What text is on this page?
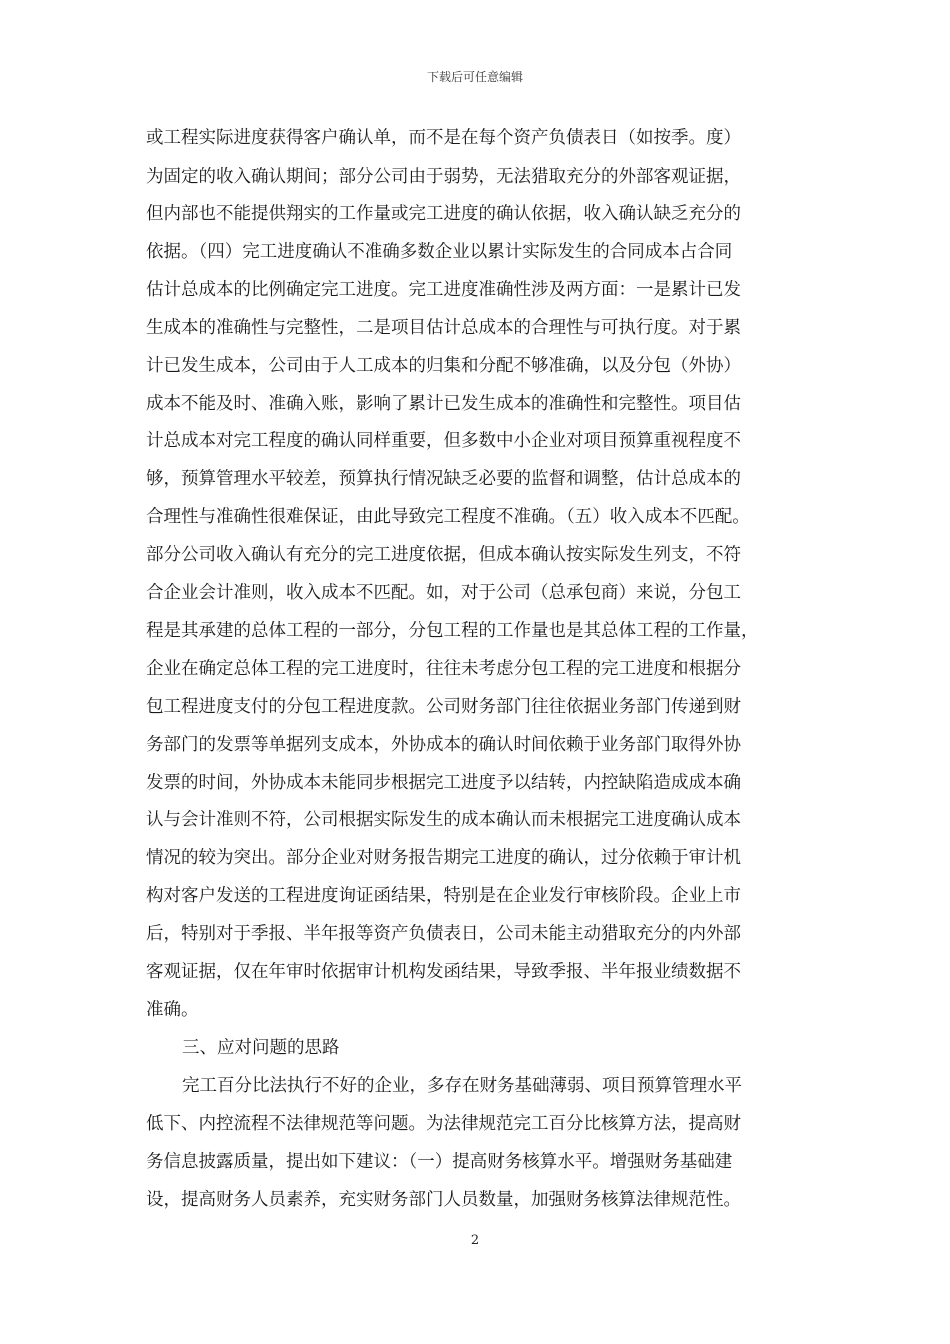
下载后可任意编辑
或工程实际进度获得客户确认单，而不是在每个资产负债表日（如按季。度）
为固定的收入确认期间；部分公司由于弱势，无法猎取充分的外部客观证据，
但内部也不能提供翔实的工作量或完工进度的确认依据，收入确认缺乏充分的
依据。（四）完工进度确认不准确多数企业以累计实际发生的合同成本占合同
估计总成本的比例确定完工进度。完工进度准确性涉及两方面：一是累计已发
生成本的准确性与完整性，二是项目估计总成本的合理性与可执行度。对于累
计已发生成本，公司由于人工成本的归集和分配不够准确，以及分包（外协）
成本不能及时、准确入账，影响了累计已发生成本的准确性和完整性。项目估
计总成本对完工程度的确认同样重要，但多数中小企业对项目预算重视程度不
够，预算管理水平较差，预算执行情况缺乏必要的监督和调整，估计总成本的
合理性与准确性很难保证，由此导致完工程度不准确。（五）收入成本不匹配。
部分公司收入确认有充分的完工进度依据，但成本确认按实际发生列支，不符
合企业会计准则，收入成本不匹配。如，对于公司（总承包商）来说，分包工
程是其承建的总体工程的一部分，分包工程的工作量也是其总体工程的工作量，
企业在确定总体工程的完工进度时，往往未考虑分包工程的完工进度和根据分
包工程进度支付的分包工程进度款。公司财务部门往往依据业务部门传递到财
务部门的发票等单据列支成本，外协成本的确认时间依赖于业务部门取得外协
发票的时间，外协成本未能同步根据完工进度予以结转，内控缺陷造成成本确
认与会计准则不符，公司根据实际发生的成本确认而未根据完工进度确认成本
情况的较为突出。部分企业对财务报告期完工进度的确认，过分依赖于审计机
构对客户发送的工程进度询证函结果，特别是在企业发行审核阶段。企业上市
后，特别对于季报、半年报等资产负债表日，公司未能主动猎取充分的内外部
客观证据，仅在年审时依据审计机构发函结果，导致季报、半年报业绩数据不
准确。
三、应对问题的思路
完工百分比法执行不好的企业，多存在财务基础薄弱、项目预算管理水平
低下、内控流程不法律规范等问题。为法律规范完工百分比核算方法，提高财
务信息披露质量，提出如下建议：（一）提高财务核算水平。增强财务基础建
设，提高财务人员素养，充实财务部门人员数量，加强财务核算法律规范性。
2
